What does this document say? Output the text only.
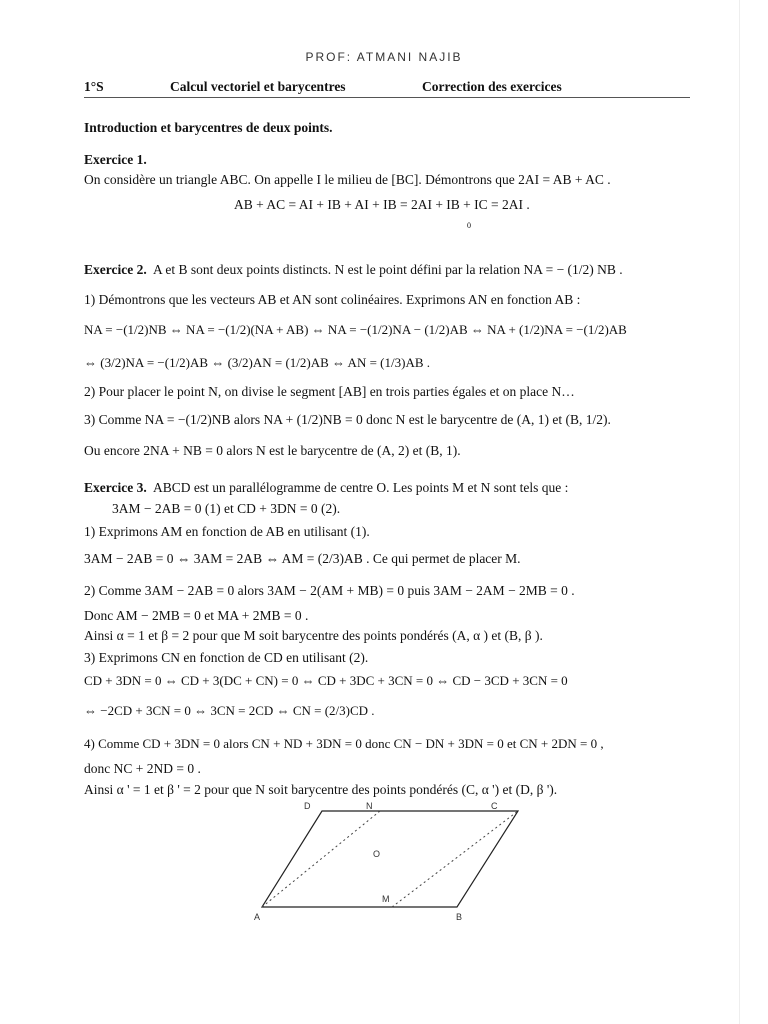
PROF: ATMANI NAJIB
1°S	Calcul vectoriel et barycentres	Correction des exercices
Introduction et barycentres de deux points.
Exercice 1.
On considère un triangle ABC. On appelle I le milieu de [BC]. Démontrons que 2AI = AB + AC .
AB + AC = AI + IB + AI + IB = 2AI + IB + IC = 2AI .
0
Exercice 2. A et B sont deux points distincts. N est le point défini par la relation NA = − (1/2) NB .
1) Démontrons que les vecteurs AB et AN sont colinéaires. Exprimons AN en fonction AB :
NA = −(1/2)NB ⇔ NA = −(1/2)(NA + AB) ⇔ NA = −(1/2)NA − (1/2)AB ⇔ NA + (1/2)NA = −(1/2)AB
⇔ (3/2)NA = −(1/2)AB ⇔ (3/2)AN = (1/2)AB ⇔ AN = (1/3)AB .
2) Pour placer le point N, on divise le segment [AB] en trois parties égales et on place N…
3) Comme NA = −(1/2)NB alors NA + (1/2)NB = 0 donc N est le barycentre de (A, 1) et (B, 1/2).
Ou encore 2NA + NB = 0 alors N est le barycentre de (A, 2) et (B, 1).
Exercice 3. ABCD est un parallélogramme de centre O. Les points M et N sont tels que :
3AM − 2AB = 0 (1) et CD + 3DN = 0 (2).
1) Exprimons AM en fonction de AB en utilisant (1).
3AM − 2AB = 0 ⇔ 3AM = 2AB ⇔ AM = (2/3)AB . Ce qui permet de placer M.
2) Comme 3AM − 2AB = 0 alors 3AM − 2(AM + MB) = 0 puis 3AM − 2AM − 2MB = 0 .
Donc AM − 2MB = 0 et MA + 2MB = 0 .
Ainsi α = 1 et β = 2 pour que M soit barycentre des points pondérés (A, α ) et (B, β ).
3) Exprimons CN en fonction de CD en utilisant (2).
CD + 3DN = 0 ⇔ CD + 3(DC + CN) = 0 ⇔ CD + 3DC + 3CN = 0 ⇔ CD − 3CD + 3CN = 0
⇔ −2CD + 3CN = 0 ⇔ 3CN = 2CD ⇔ CN = (2/3)CD .
4) Comme CD + 3DN = 0 alors CN + ND + 3DN = 0 donc CN − DN + 3DN = 0 et CN + 2DN = 0 ,
donc NC + 2ND = 0 .
Ainsi α ' = 1 et β ' = 2 pour que N soit barycentre des points pondérés (C, α ') et (D, β ').
D	N	C
O
M
A	B
